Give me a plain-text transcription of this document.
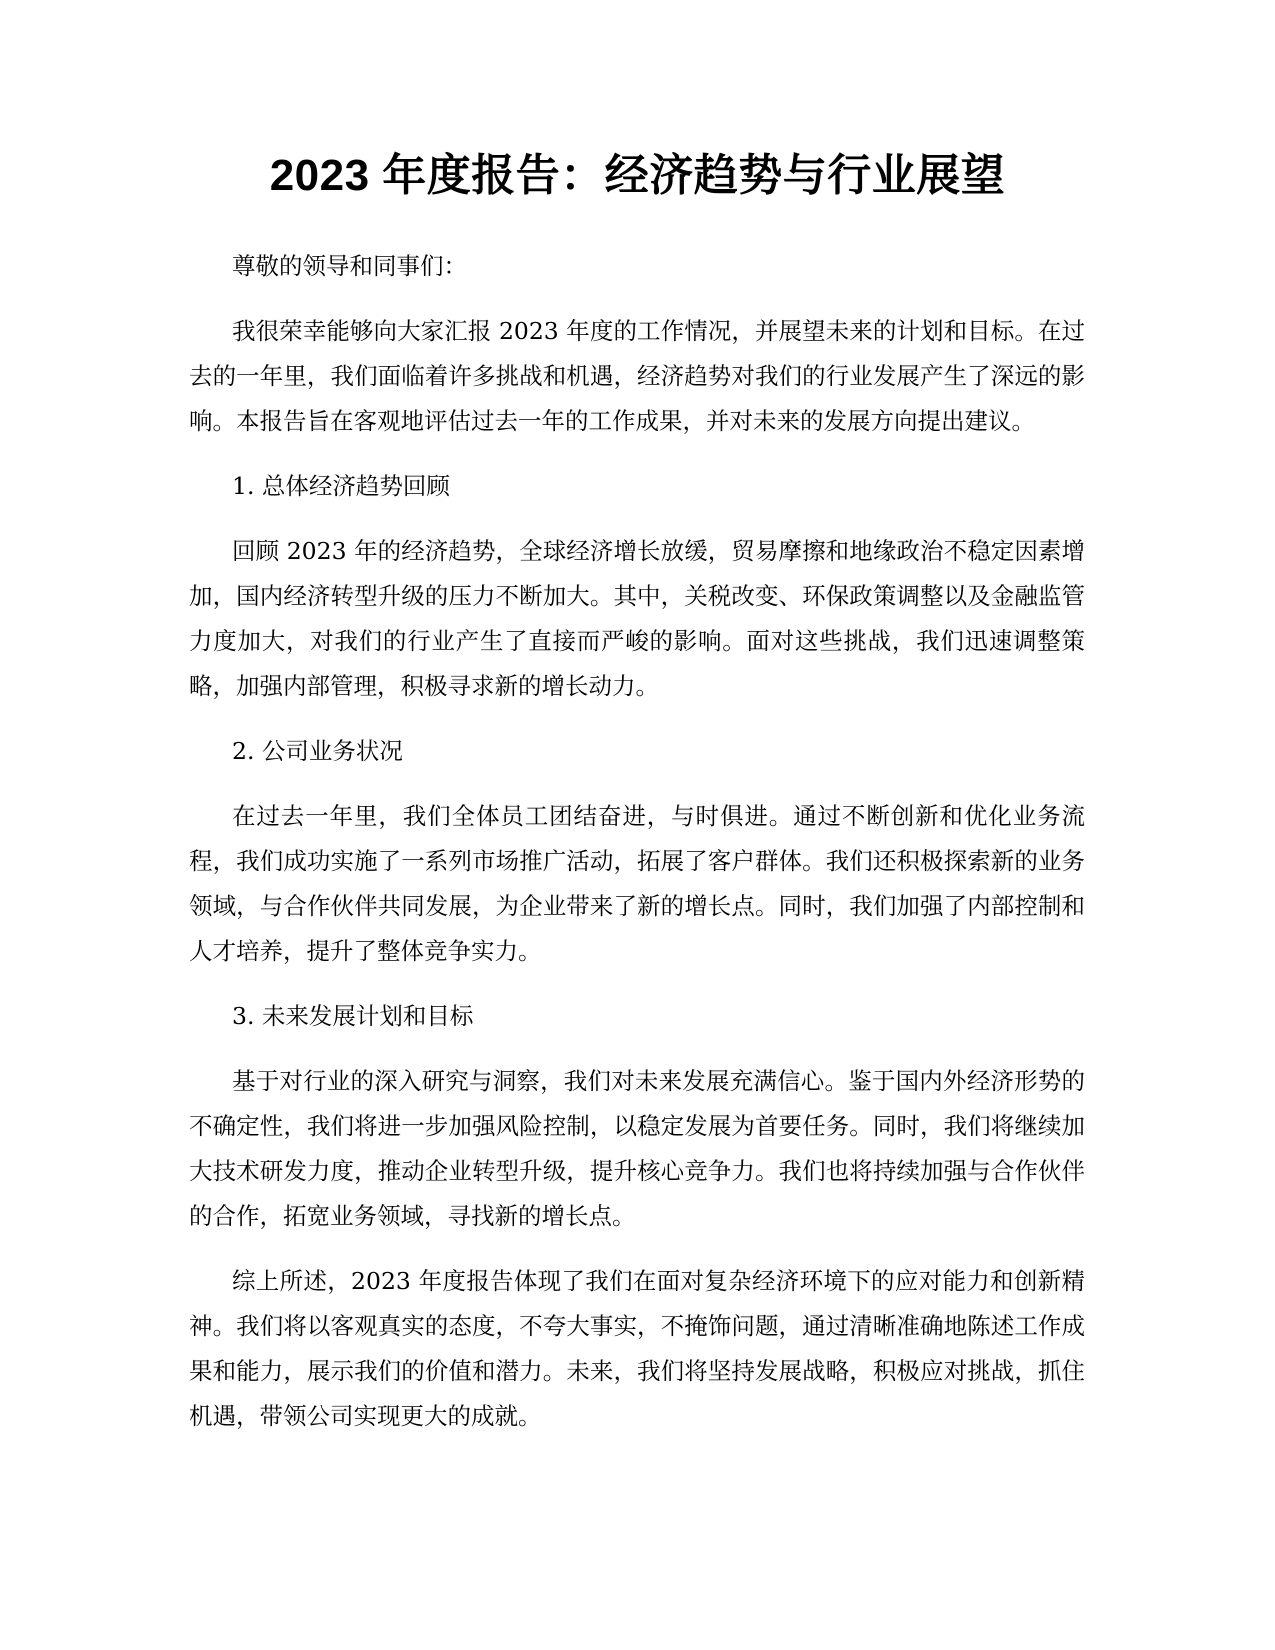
2023 年度报告：经济趋势与行业展望

尊敬的领导和同事们：

我很荣幸能够向大家汇报 2023 年度的工作情况，并展望未来的计划和目标。在过去的一年里，我们面临着许多挑战和机遇，经济趋势对我们的行业发展产生了深远的影响。本报告旨在客观地评估过去一年的工作成果，并对未来的发展方向提出建议。

1. 总体经济趋势回顾

回顾 2023 年的经济趋势，全球经济增长放缓，贸易摩擦和地缘政治不稳定因素增加，国内经济转型升级的压力不断加大。其中，关税改变、环保政策调整以及金融监管力度加大，对我们的行业产生了直接而严峻的影响。面对这些挑战，我们迅速调整策略，加强内部管理，积极寻求新的增长动力。

2. 公司业务状况

在过去一年里，我们全体员工团结奋进，与时俱进。通过不断创新和优化业务流程，我们成功实施了一系列市场推广活动，拓展了客户群体。我们还积极探索新的业务领域，与合作伙伴共同发展，为企业带来了新的增长点。同时，我们加强了内部控制和人才培养，提升了整体竞争实力。

3. 未来发展计划和目标

基于对行业的深入研究与洞察，我们对未来发展充满信心。鉴于国内外经济形势的不确定性，我们将进一步加强风险控制，以稳定发展为首要任务。同时，我们将继续加大技术研发力度，推动企业转型升级，提升核心竞争力。我们也将持续加强与合作伙伴的合作，拓宽业务领域，寻找新的增长点。

综上所述，2023 年度报告体现了我们在面对复杂经济环境下的应对能力和创新精神。我们将以客观真实的态度，不夸大事实，不掩饰问题，通过清晰准确地陈述工作成果和能力，展示我们的价值和潜力。未来，我们将坚持发展战略，积极应对挑战，抓住机遇，带领公司实现更大的成就。
